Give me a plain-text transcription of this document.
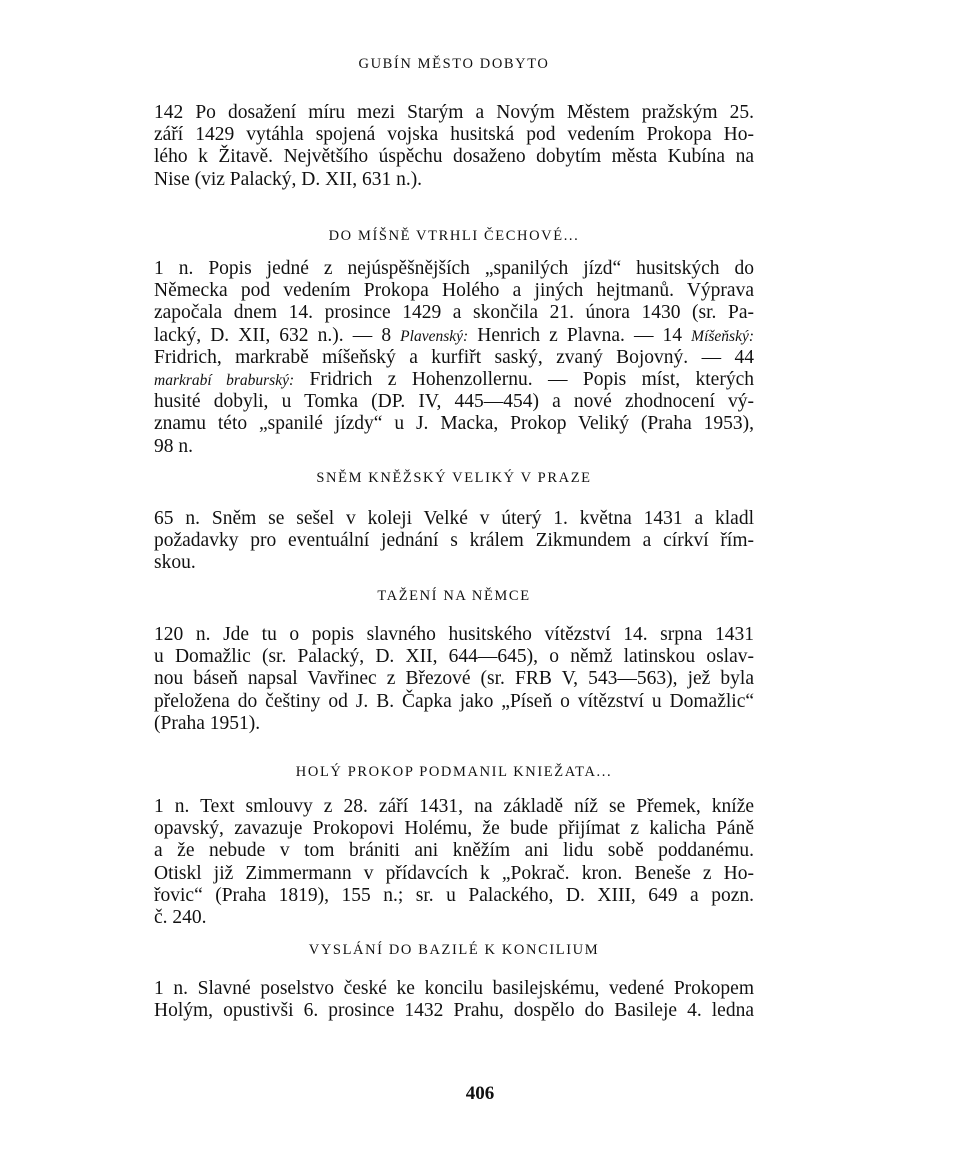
GUBÍN MĚSTO DOBYTO
142 Po dosažení míru mezi Starým a Novým Městem pražským 25.
září 1429 vytáhla spojená vojska husitská pod vedením Prokopa Ho-
lého k Žitavě. Největšího úspěchu dosaženo dobytím města Kubína na
Nise (viz Palacký, D. XII, 631 n.).
DO MÍŠNĚ VTRHLI ČECHOVÉ...
1 n. Popis jedné z nejúspěšnějších „spanilých jízd“ husitských do
Německa pod vedením Prokopa Holého a jiných hejtmanů. Výprava
započala dnem 14. prosince 1429 a skončila 21. února 1430 (sr. Pa-
lacký, D. XII, 632 n.). — 8 Plavenský: Henrich z Plavna. — 14 Míšeňský:
Fridrich, markrabě míšeňský a kurfiřt saský, zvaný Bojovný. — 44
markrabí braburský: Fridrich z Hohenzollernu. — Popis míst, kterých
husité dobyli, u Tomka (DP. IV, 445—454) a nové zhodnocení vý-
znamu této „spanilé jízdy“ u J. Macka, Prokop Veliký (Praha 1953),
98 n.
SNĚM KNĚŽSKÝ VELIKÝ V PRAZE
65 n. Sněm se sešel v koleji Velké v úterý 1. května 1431 a kladl
požadavky pro eventuální jednání s králem Zikmundem a církví řím-
skou.
TAŽENÍ NA NĚMCE
120 n. Jde tu o popis slavného husitského vítězství 14. srpna 1431
u Domažlic (sr. Palacký, D. XII, 644—645), o němž latinskou oslav-
nou báseň napsal Vavřinec z Březové (sr. FRB V, 543—563), jež byla
přeložena do češtiny od J. B. Čapka jako „Píseň o vítězství u Domažlic“
(Praha 1951).
HOLÝ PROKOP PODMANIL KNIEŽATA...
1 n. Text smlouvy z 28. září 1431, na základě níž se Přemek, kníže
opavský, zavazuje Prokopovi Holému, že bude přijímat z kalicha Páně
a že nebude v tom brániti ani kněžím ani lidu sobě poddanému.
Otiskl již Zimmermann v přídavcích k „Pokrač. kron. Beneše z Ho-
řovic“ (Praha 1819), 155 n.; sr. u Palackého, D. XIII, 649 a pozn.
č. 240.
VYSLÁNÍ DO BAZILÉ K KONCILIUM
1 n. Slavné poselstvo české ke koncilu basilejskému, vedené Prokopem
Holým, opustivši 6. prosince 1432 Prahu, dospělo do Basileje 4. ledna
406
